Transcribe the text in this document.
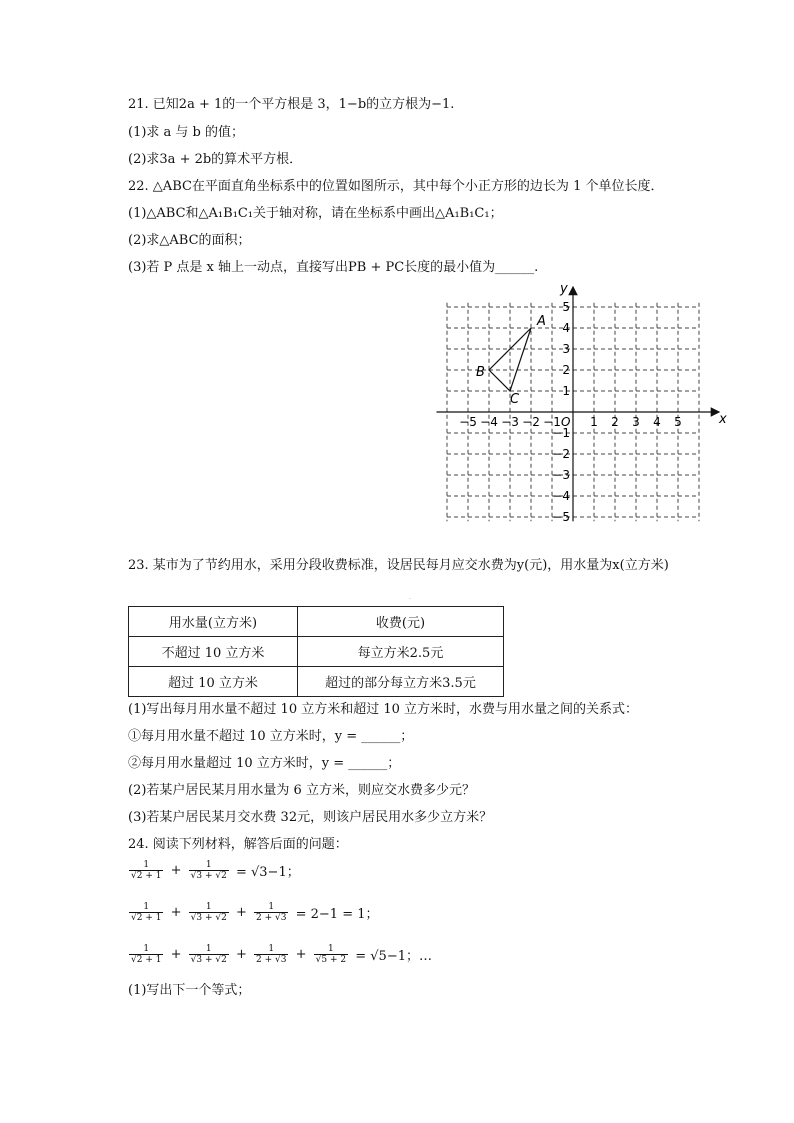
21. 已知2a + 1的一个平方根是 3，1−b的立方根为−1.
(1)求 a 与 b 的值；
(2)求3a + 2b的算术平方根．
22. △ABC在平面直角坐标系中的位置如图所示，其中每个小正方形的边长为 1 个单位长度．
(1)△ABC和△A₁B₁C₁关于轴对称，请在坐标系中画出△A₁B₁C₁；
(2)求△ABC的面积；
(3)若 P 点是 x 轴上一动点，直接写出PB + PC长度的最小值为______.
−5 −4 −3 −2 −1 1 2 3 4 5
5
4
3
2
1
−1
−2
−3
−4
−5
A
B
C
x
y
O
23. 某市为了节约用水，采用分段收费标准，设居民每月应交水费为y(元)，用水量为x(立方米)
.
用水量(立方米)	收费(元)
不超过 10 立方米	每立方米2.5元
超过 10 立方米	超过的部分每立方米3.5元
(1)写出每月用水量不超过 10 立方米和超过 10 立方米时，水费与用水量之间的关系式：
①每月用水量不超过 10 立方米时，y = ______；
②每月用水量超过 10 立方米时，y = ______；
(2)若某户居民某月用水量为 6 立方米，则应交水费多少元？
(3)若某户居民某月交水费 32元，则该户居民用水多少立方米？
24. 阅读下列材料，解答后面的问题：
$\frac{1}{√2 + 1} + \frac{1}{√3 + √2} = √3-1$；
$\frac{1}{√2 + 1} + \frac{1}{√3 + √2} + \frac{1}{2 + √3} = 2-1 = 1$；
$\frac{1}{√2 + 1} + \frac{1}{√3 + √2} + \frac{1}{2 + √3} + \frac{1}{√5 + 2} = √5-1$；…
(1)写出下一个等式；
